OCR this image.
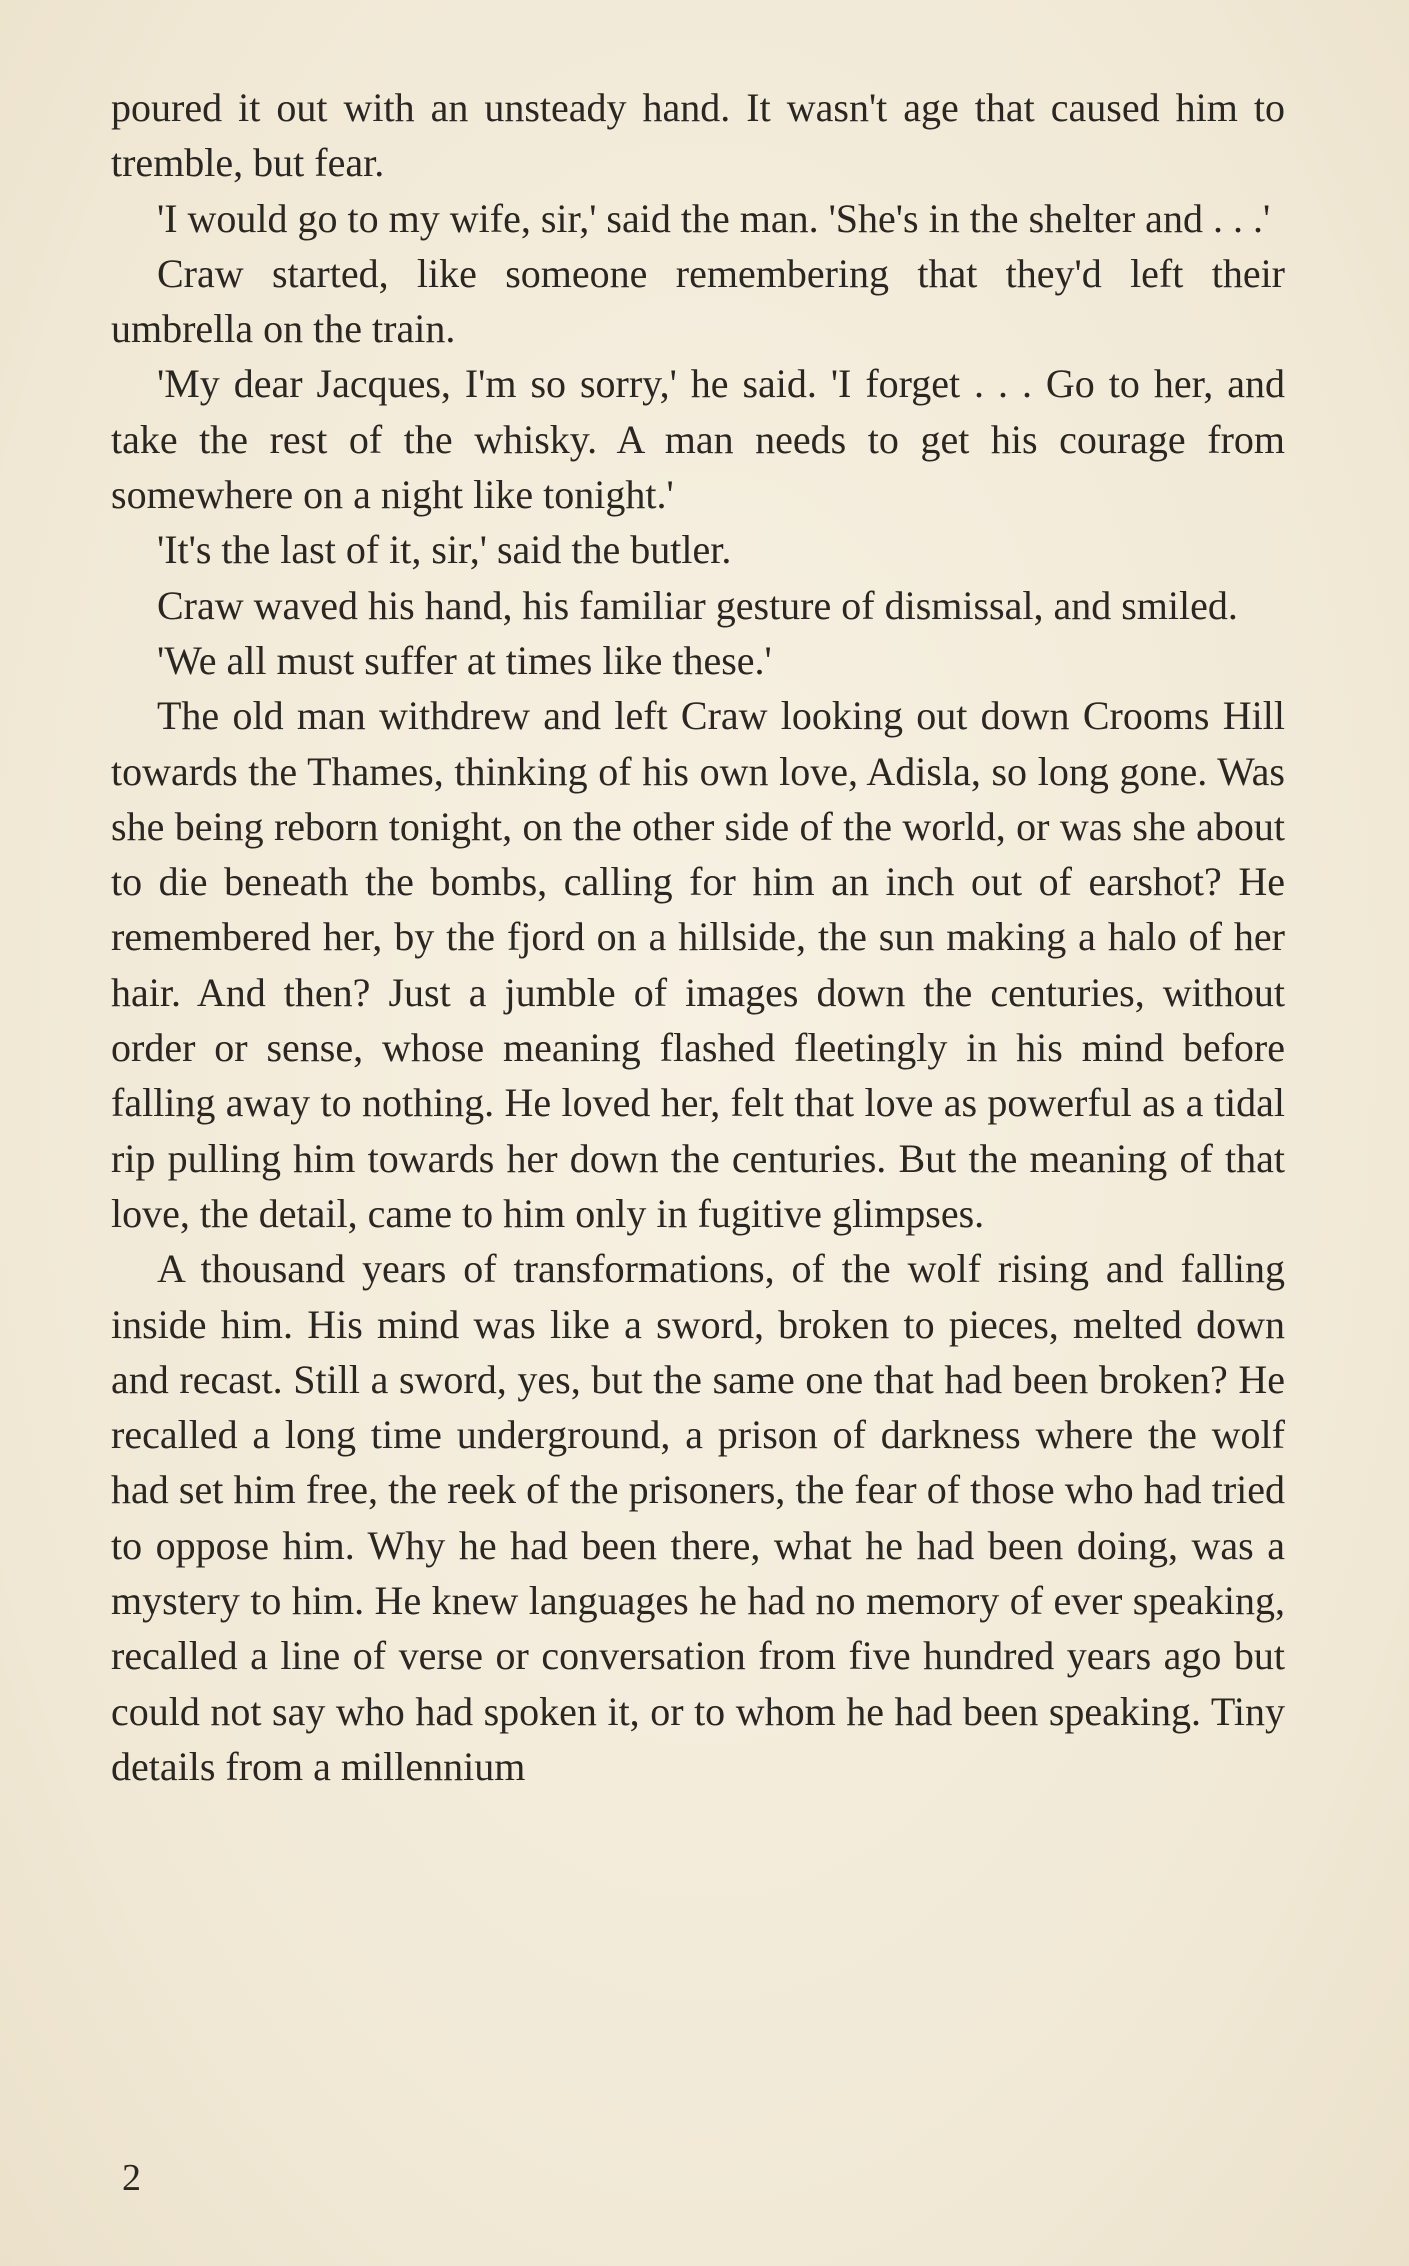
poured it out with an unsteady hand. It wasn't age that caused him to tremble, but fear.

'I would go to my wife, sir,' said the man. 'She's in the shelter and . . .'

Craw started, like someone remembering that they'd left their umbrella on the train.

'My dear Jacques, I'm so sorry,' he said. 'I forget . . . Go to her, and take the rest of the whisky. A man needs to get his courage from somewhere on a night like tonight.'

'It's the last of it, sir,' said the butler.

Craw waved his hand, his familiar gesture of dismissal, and smiled.

'We all must suffer at times like these.'

The old man withdrew and left Craw looking out down Crooms Hill towards the Thames, thinking of his own love, Adisla, so long gone. Was she being reborn tonight, on the other side of the world, or was she about to die beneath the bombs, calling for him an inch out of earshot? He remembered her, by the fjord on a hillside, the sun making a halo of her hair. And then? Just a jumble of images down the centuries, without order or sense, whose meaning flashed fleetingly in his mind before falling away to nothing. He loved her, felt that love as powerful as a tidal rip pulling him towards her down the centuries. But the meaning of that love, the detail, came to him only in fugitive glimpses.

A thousand years of transformations, of the wolf rising and falling inside him. His mind was like a sword, broken to pieces, melted down and recast. Still a sword, yes, but the same one that had been broken? He recalled a long time underground, a prison of darkness where the wolf had set him free, the reek of the prisoners, the fear of those who had tried to oppose him. Why he had been there, what he had been doing, was a mystery to him. He knew languages he had no memory of ever speaking, recalled a line of verse or conversation from five hundred years ago but could not say who had spoken it, or to whom he had been speaking. Tiny details from a millennium

2
